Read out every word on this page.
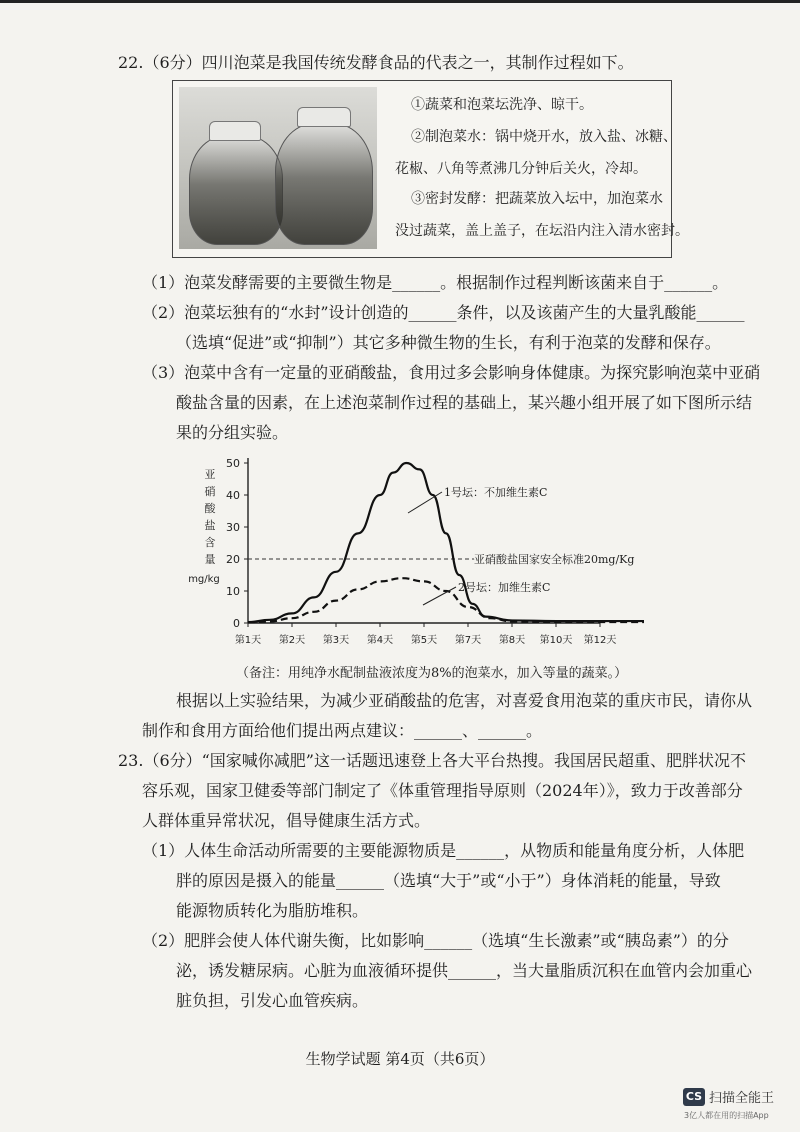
22.（6分）四川泡菜是我国传统发酵食品的代表之一，其制作过程如下。
①蔬菜和泡菜坛洗净、晾干。
②制泡菜水：锅中烧开水，放入盐、冰糖、
花椒、八角等煮沸几分钟后关火，冷却。
③密封发酵：把蔬菜放入坛中，加泡菜水
没过蔬菜，盖上盖子，在坛沿内注入清水密封。
（1）泡菜发酵需要的主要微生物是______。根据制作过程判断该菌来自于______。
（2）泡菜坛独有的“水封”设计创造的______条件，以及该菌产生的大量乳酸能______
（选填“促进”或“抑制”）其它多种微生物的生长，有利于泡菜的发酵和保存。
（3）泡菜中含有一定量的亚硝酸盐，食用过多会影响身体健康。为探究影响泡菜中亚硝
酸盐含量的因素，在上述泡菜制作过程的基础上，某兴趣小组开展了如下图所示结
果的分组实验。
亚
硝
酸
盐
含
量
mg/kg
0
10
20
30
40
50
第1天 第2天 第3天 第4天 第5天 第7天 第8天 第10天 第12天
亚硝酸盐国家安全标准20mg/Kg
1号坛：不加维生素C
2号坛：加维生素C
（备注：用纯净水配制盐液浓度为8%的泡菜水，加入等量的蔬菜。）
根据以上实验结果，为减少亚硝酸盐的危害，对喜爱食用泡菜的重庆市民，请你从
制作和食用方面给他们提出两点建议：______、______。
23.（6分）“国家喊你减肥”这一话题迅速登上各大平台热搜。我国居民超重、肥胖状况不
容乐观，国家卫健委等部门制定了《体重管理指导原则（2024年）》，致力于改善部分
人群体重异常状况，倡导健康生活方式。
（1）人体生命活动所需要的主要能源物质是______，从物质和能量角度分析，人体肥
胖的原因是摄入的能量______（选填“大于”或“小于”）身体消耗的能量，导致
能源物质转化为脂肪堆积。
（2）肥胖会使人体代谢失衡，比如影响______（选填“生长激素”或“胰岛素”）的分
泌，诱发糖尿病。心脏为血液循环提供______，当大量脂质沉积在血管内会加重心
脏负担，引发心血管疾病。
生物学试题 第4页（共6页）
CS 扫描全能王
3亿人都在用的扫描App
